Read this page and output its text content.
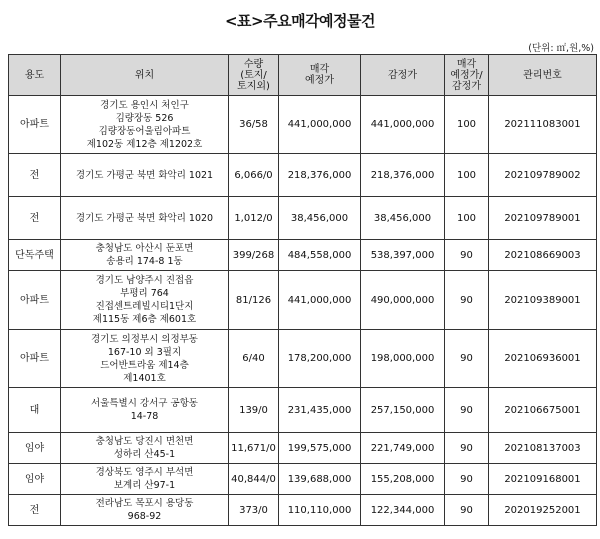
<표>주요매각예정물건
(단위: ㎡,원,%)
용도	위치	수량
(토지/
토지외)	매각
예정가	감정가	매각
예정가/
감정가	관리번호
아파트	경기도 용인시 처인구
김량장동 526
김량장동어울림아파트
제102동 제12층 제1202호	36/58	441,000,000	441,000,000	100	202111083001
전	경기도 가평군 북면 화악리 1021	6,066/0	218,376,000	218,376,000	100	202109789002
전	경기도 가평군 북면 화악리 1020	1,012/0	38,456,000	38,456,000	100	202109789001
단독주택	충청남도 아산시 둔포면
송용리 174-8 1동	399/268	484,558,000	538,397,000	90	202108669003
아파트	경기도 남양주시 진접읍
부평리 764
진접센트레빌시티1단지
제115동 제6층 제601호	81/126	441,000,000	490,000,000	90	202109389001
아파트	경기도 의정부시 의정부동
167-10 외 3필지
드어반트라움 제14층
제1401호	6/40	178,200,000	198,000,000	90	202106936001
대	서울특별시 강서구 공항동
14-78	139/0	231,435,000	257,150,000	90	202106675001
임야	충청남도 당진시 면천면
성하리 산45-1	11,671/0	199,575,000	221,749,000	90	202108137003
임야	경상북도 영주시 부석면
보계리 산97-1	40,844/0	139,688,000	155,208,000	90	202109168001
전	전라남도 목포시 용당동
968-92	373/0	110,110,000	122,344,000	90	202019252001
